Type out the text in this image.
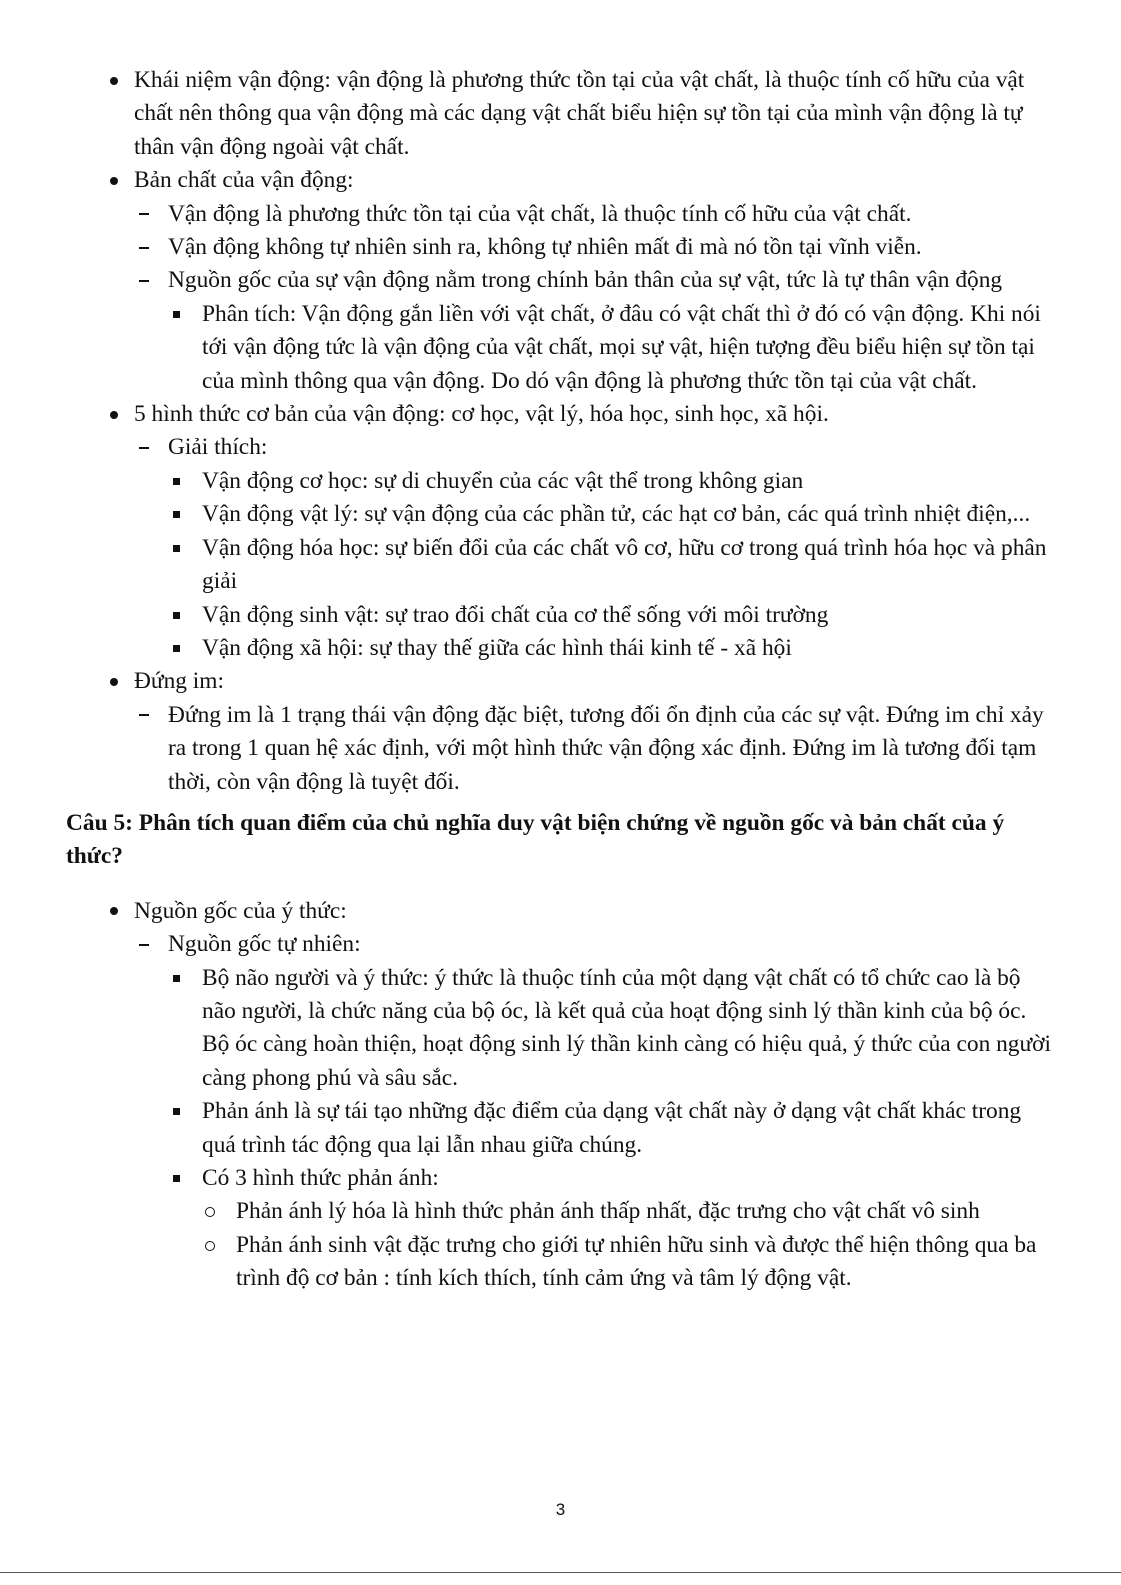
Khái niệm vận động: vận động là phương thức tồn tại của vật chất, là thuộc tính cố hữu của vật chất nên thông qua vận động mà các dạng vật chất biểu hiện sự tồn tại của mình vận động là tự thân vận động ngoài vật chất.
Bản chất của vận động:
Vận động là phương thức tồn tại của vật chất, là thuộc tính cố hữu của vật chất.
Vận động không tự nhiên sinh ra, không tự nhiên mất đi mà nó tồn tại vĩnh viễn.
Nguồn gốc của sự vận động nằm trong chính bản thân của sự vật, tức là tự thân vận động
Phân tích: Vận động gắn liền với vật chất, ở đâu có vật chất thì ở đó có vận động. Khi nói tới vận động tức là vận động của vật chất, mọi sự vật, hiện tượng đều biểu hiện sự tồn tại của mình thông qua vận động. Do dó vận động là phương thức tồn tại của vật chất.
5 hình thức cơ bản của vận động: cơ học, vật lý, hóa học, sinh học, xã hội.
Giải thích:
Vận động cơ học: sự di chuyển của các vật thể trong không gian
Vận động vật lý: sự vận động của các phần tử, các hạt cơ bản, các quá trình nhiệt điện,...
Vận động hóa học: sự biến đổi của các chất vô cơ, hữu cơ trong quá trình hóa học và phân giải
Vận động sinh vật: sự trao đổi chất của cơ thể sống với môi trường
Vận động xã hội: sự thay thế giữa các hình thái kinh tế - xã hội
Đứng im:
Đứng im là 1 trạng thái vận động đặc biệt, tương đối ổn định của các sự vật. Đứng im chỉ xảy ra trong 1 quan hệ xác định, với một hình thức vận động xác định. Đứng im là tương đối tạm thời, còn vận động là tuyệt đối.
Câu 5: Phân tích quan điểm của chủ nghĩa duy vật biện chứng về nguồn gốc và bản chất của ý thức?
Nguồn gốc của ý thức:
Nguồn gốc tự nhiên:
Bộ não người và ý thức: ý thức là thuộc tính của một dạng vật chất có tổ chức cao là bộ não người, là chức năng của bộ óc, là kết quả của hoạt động sinh lý thần kinh của bộ óc. Bộ óc càng hoàn thiện, hoạt động sinh lý thần kinh càng có hiệu quả, ý thức của con người càng phong phú và sâu sắc.
Phản ánh là sự tái tạo những đặc điểm của dạng vật chất này ở dạng vật chất khác trong quá trình tác động qua lại lẫn nhau giữa chúng.
Có 3 hình thức phản ánh:
Phản ánh lý hóa là hình thức phản ánh thấp nhất, đặc trưng cho vật chất vô sinh
Phản ánh sinh vật đặc trưng cho giới tự nhiên hữu sinh và được thể hiện thông qua ba trình độ cơ bản : tính kích thích, tính cảm ứng và tâm lý động vật.
3
